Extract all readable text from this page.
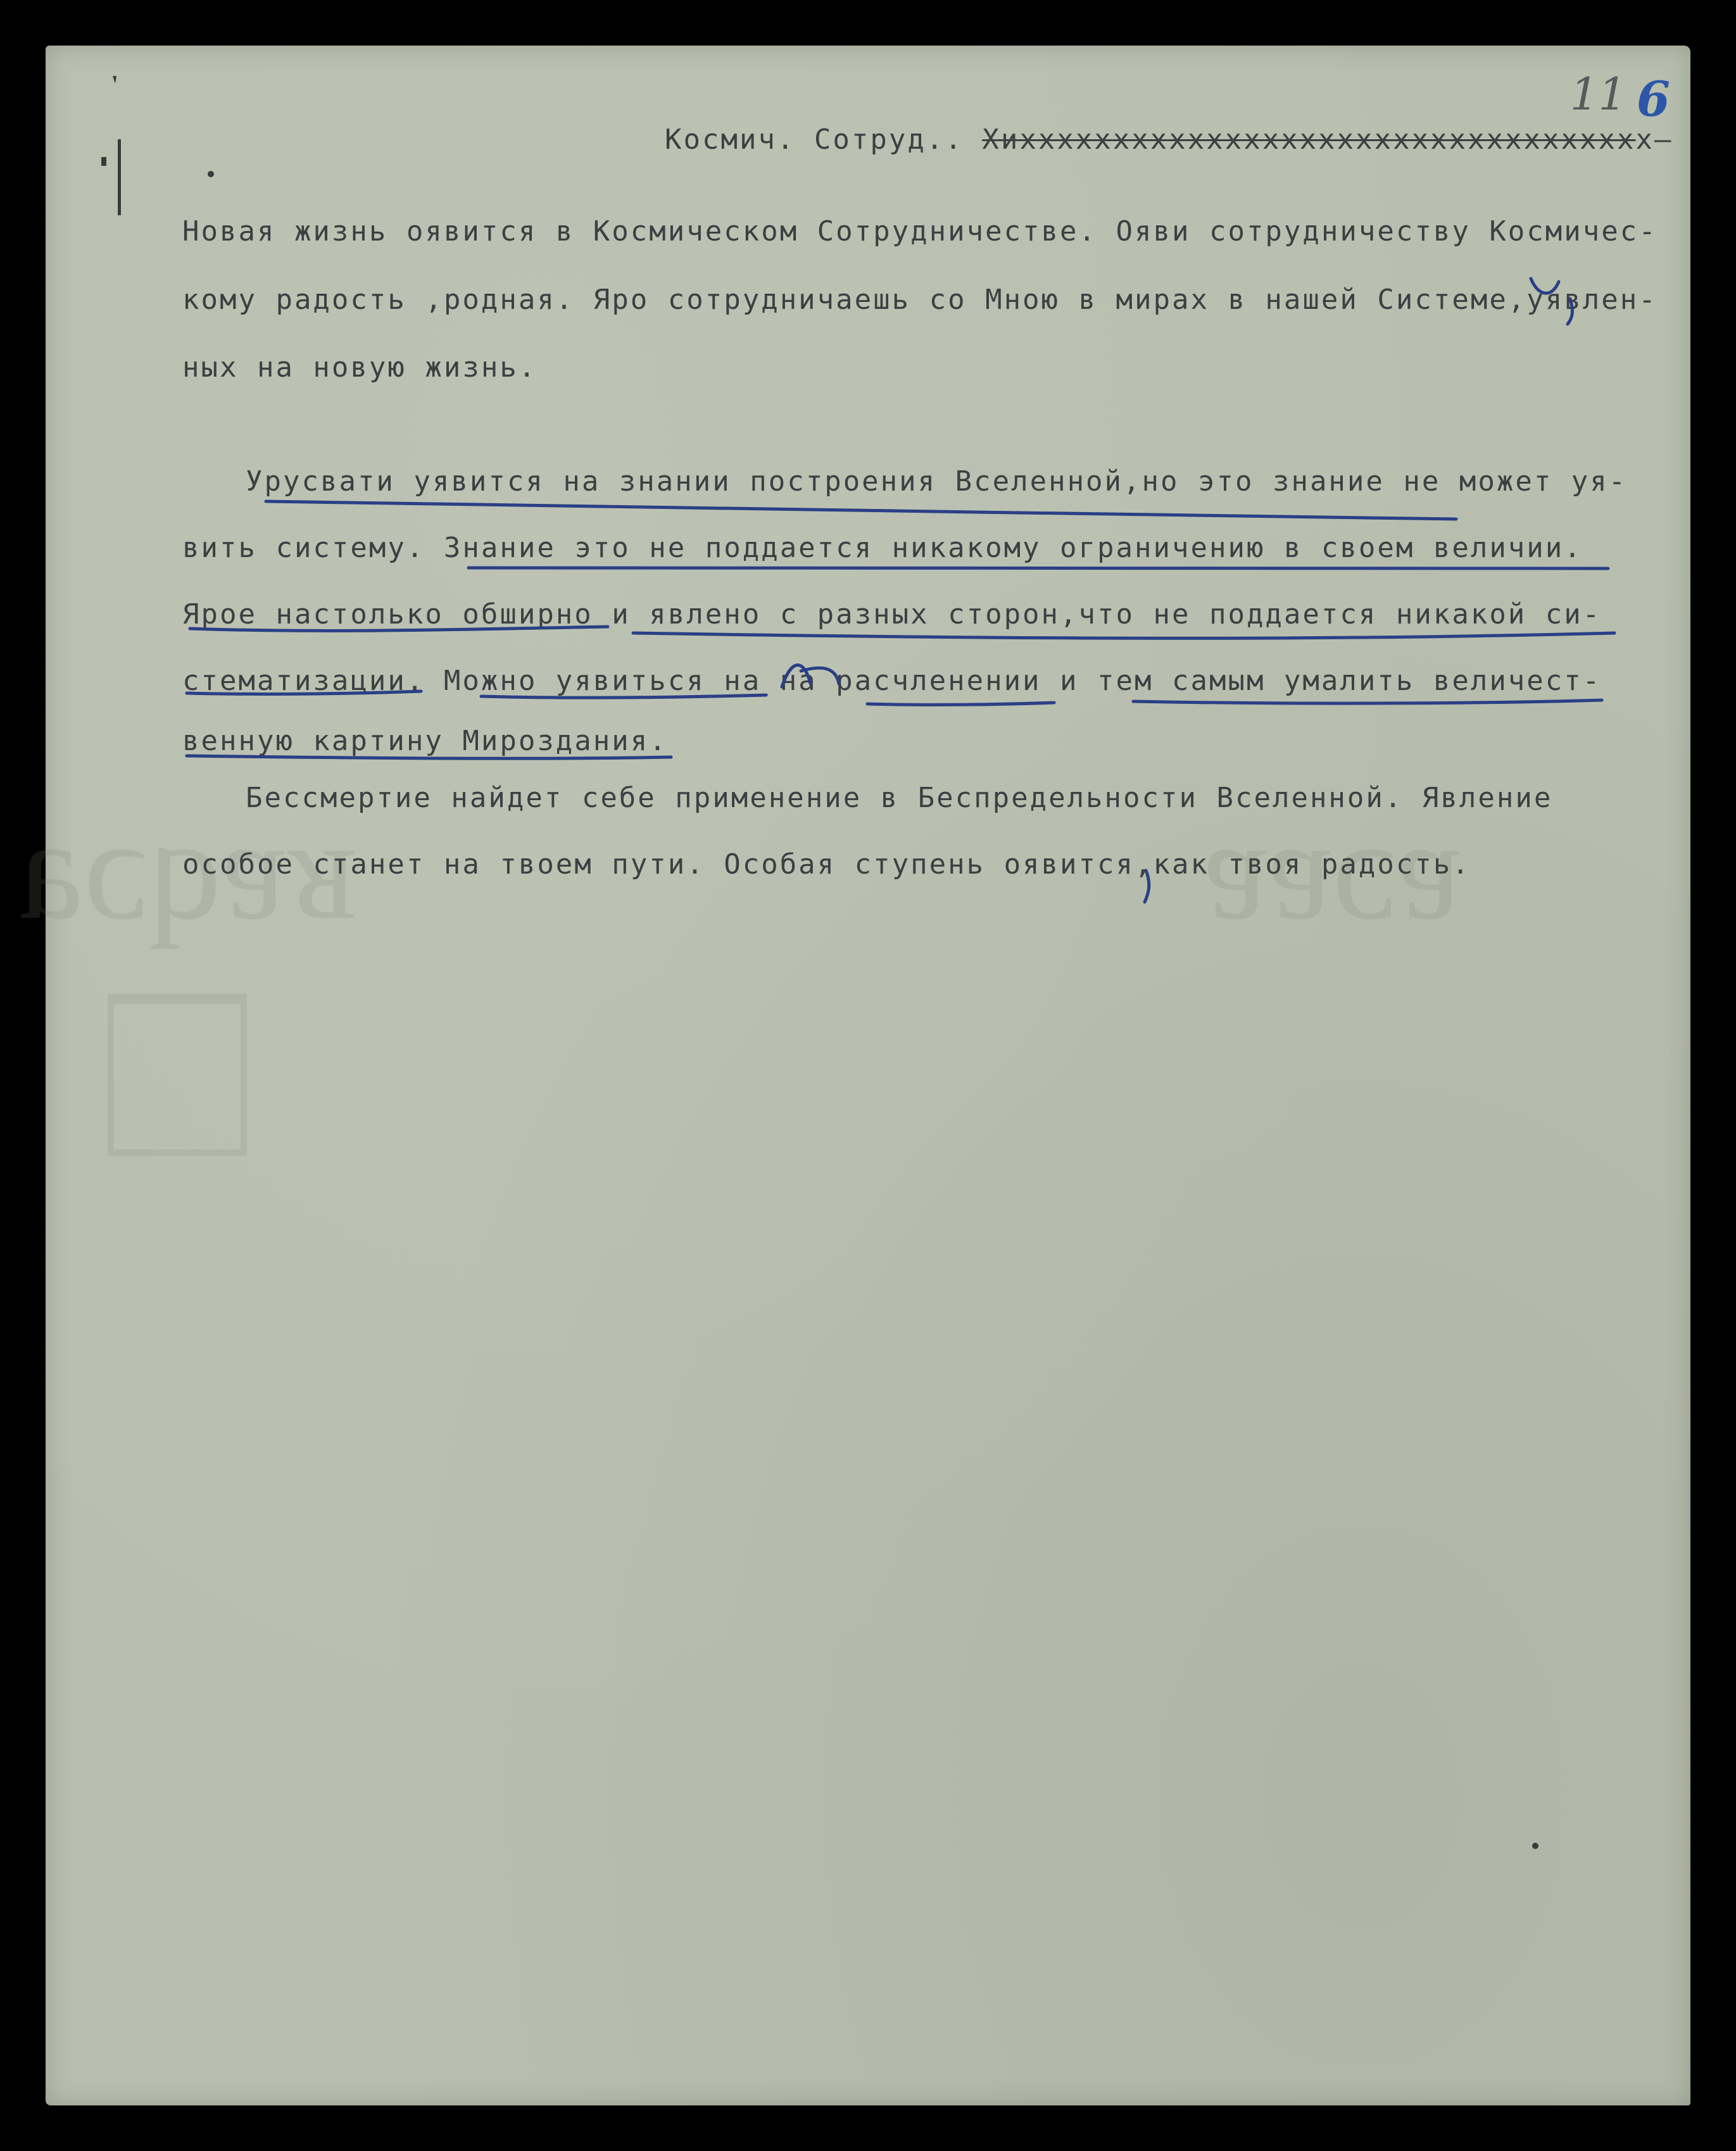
ʁɐqɔa	ɐɔɐɐ
11 6
Космич. Сотруд.. Xиxxxxxxxxxxxxxxxxxxxxxxxxxxxxxxxxxx–
Новая жизнь оявится в Космическом Сотрудничестве. Ояви сотрудничеству Космичес-
кому радость ,родная. Яро сотрудничаешь со Мною в мирах в нашей Системе,уявлен-
ных на новую жизнь.
Урусвати уявится на знании построения Вселенной,но это знание не может уя-
вить систему. Знание это не поддается никакому ограничению в своем величии.
Ярое настолько обширно и явлено с разных сторон,что не поддается никакой си-
стематизации. Можно уявиться на на расчленении и тем самым умалить величест-
венную картину Мироздания.
Бессмертие найдет себе применение в Беспредельности Вселенной. Явление
особое станет на твоем пути. Особая ступень оявится,как твоя радость.
